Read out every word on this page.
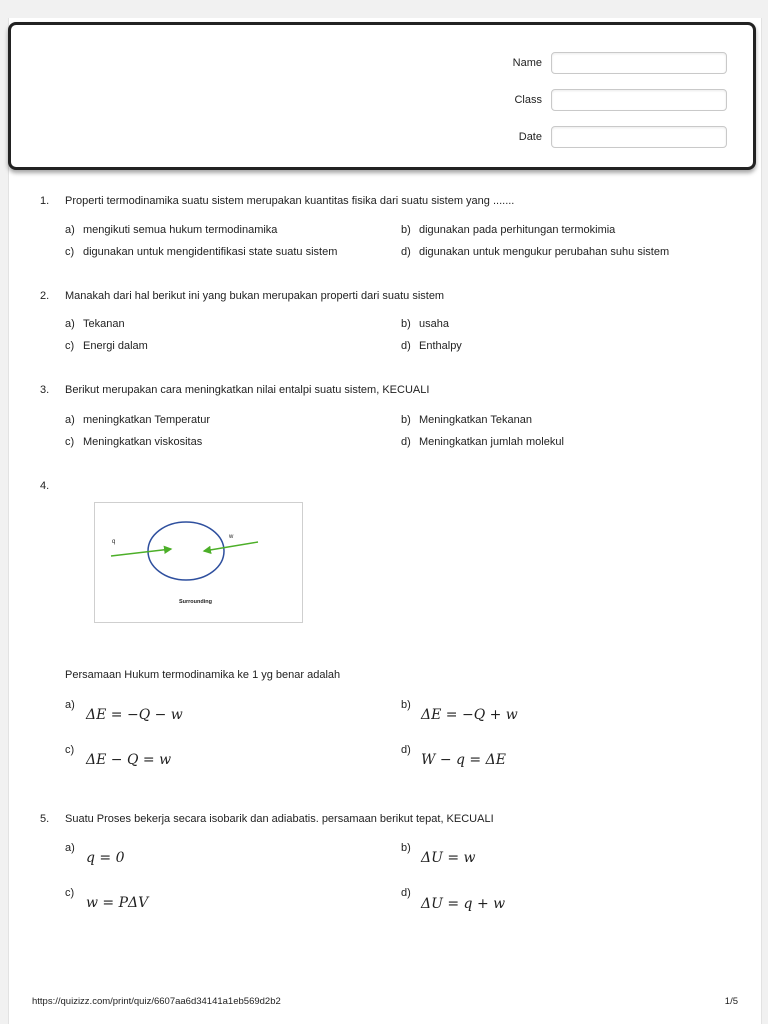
Name
Class
Date
1. Properti termodinamika suatu sistem merupakan kuantitas fisika dari suatu sistem yang .......
a) mengikuti semua hukum termodinamika	b) digunakan pada perhitungan termokimia
c) digunakan untuk mengidentifikasi state suatu sistem	d) digunakan untuk mengukur perubahan suhu sistem
2. Manakah dari hal berikut ini yang bukan merupakan properti dari suatu sistem
a) Tekanan	b) usaha
c) Energi dalam	d) Enthalpy
3. Berikut merupakan cara meningkatkan nilai entalpi suatu sistem, KECUALI
a) meningkatkan Temperatur	b) Meningkatkan Tekanan
c) Meningkatkan viskositas	d) Meningkatkan jumlah molekul
4.
q
w
Surrounding
Persamaan Hukum termodinamika ke 1 yg benar adalah
a)
ΔE = −Q − w
b)
ΔE = −Q + w
c)
ΔE − Q = w
d)
W − q = ΔE
5. Suatu Proses bekerja secara isobarik dan adiabatis. persamaan berikut tepat, KECUALI
a)
q = 0
b)
ΔU = w
c)
w = PΔV
d)
ΔU = q + w
https://quizizz.com/print/quiz/6607aa6d34141a1eb569d2b2	1/5
